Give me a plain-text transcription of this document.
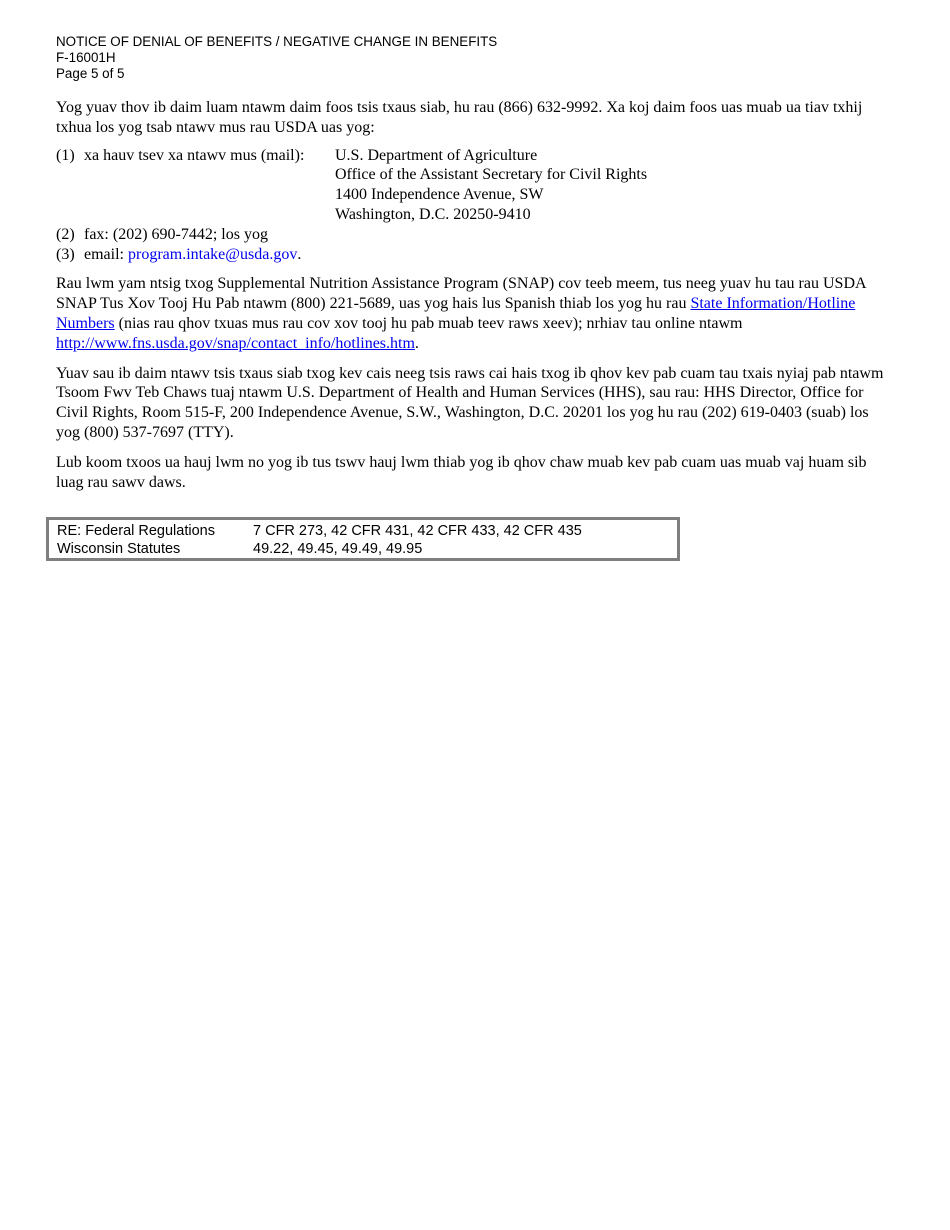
NOTICE OF DENIAL OF BENEFITS / NEGATIVE CHANGE IN BENEFITS
F-16001H
Page 5 of 5

Yog yuav thov ib daim luam ntawm daim foos tsis txaus siab, hu rau (866) 632-9992. Xa koj daim foos uas muab ua tiav txhij txhua los yog tsab ntawv mus rau USDA uas yog:

(1) xa hauv tsev xa ntawv mus (mail):	U.S. Department of Agriculture
Office of the Assistant Secretary for Civil Rights
1400 Independence Avenue, SW
Washington, D.C. 20250-9410
(2) fax: (202) 690-7442; los yog
(3) email: program.intake@usda.gov .

Rau lwm yam ntsig txog Supplemental Nutrition Assistance Program (SNAP) cov teeb meem, tus neeg yuav hu tau rau USDA SNAP Tus Xov Tooj Hu Pab ntawm (800) 221-5689, uas yog hais lus Spanish thiab los yog hu rau State Information/Hotline Numbers (nias rau qhov txuas mus rau cov xov tooj hu pab muab teev raws xeev); nrhiav tau online ntawm http://www.fns.usda.gov/snap/contact_info/hotlines.htm.

Yuav sau ib daim ntawv tsis txaus siab txog kev cais neeg tsis raws cai hais txog ib qhov kev pab cuam tau txais nyiaj pab ntawm Tsoom Fwv Teb Chaws tuaj ntawm U.S. Department of Health and Human Services (HHS), sau rau: HHS Director, Office for Civil Rights, Room 515-F, 200 Independence Avenue, S.W., Washington, D.C. 20201 los yog hu rau (202) 619-0403 (suab) los yog (800) 537-7697 (TTY).

Lub koom txoos ua hauj lwm no yog ib tus tswv hauj lwm thiab yog ib qhov chaw muab kev pab cuam uas muab vaj huam sib luag rau sawv daws.

RE: Federal Regulations	7 CFR 273, 42 CFR 431, 42 CFR 433, 42 CFR 435
Wisconsin Statutes	49.22, 49.45, 49.49, 49.95
